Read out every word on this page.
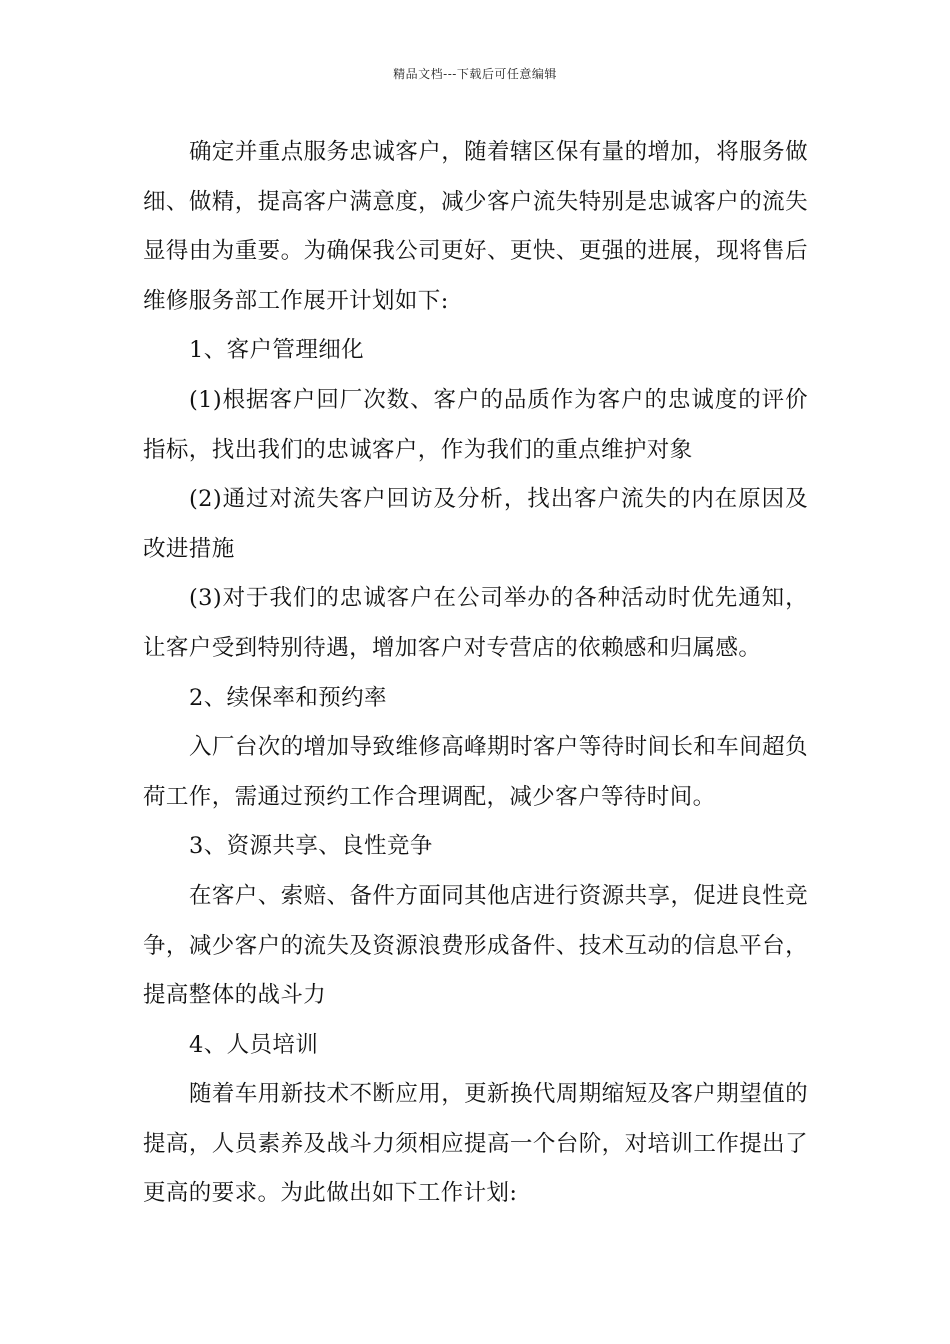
精品文档---下载后可任意编辑

确定并重点服务忠诚客户，随着辖区保有量的增加，将服务做细、做精，提高客户满意度，减少客户流失特别是忠诚客户的流失显得由为重要。为确保我公司更好、更快、更强的进展，现将售后维修服务部工作展开计划如下:

1、客户管理细化

(1)根据客户回厂次数、客户的品质作为客户的忠诚度的评价指标，找出我们的忠诚客户，作为我们的重点维护对象

(2)通过对流失客户回访及分析，找出客户流失的内在原因及改进措施

(3)对于我们的忠诚客户在公司举办的各种活动时优先通知，让客户受到特别待遇，增加客户对专营店的依赖感和归属感。

2、续保率和预约率

入厂台次的增加导致维修高峰期时客户等待时间长和车间超负荷工作，需通过预约工作合理调配，减少客户等待时间。

3、资源共享、良性竞争

在客户、索赔、备件方面同其他店进行资源共享，促进良性竞争，减少客户的流失及资源浪费形成备件、技术互动的信息平台，提高整体的战斗力

4、人员培训

随着车用新技术不断应用，更新换代周期缩短及客户期望值的提高，人员素养及战斗力须相应提高一个台阶，对培训工作提出了更高的要求。为此做出如下工作计划:
